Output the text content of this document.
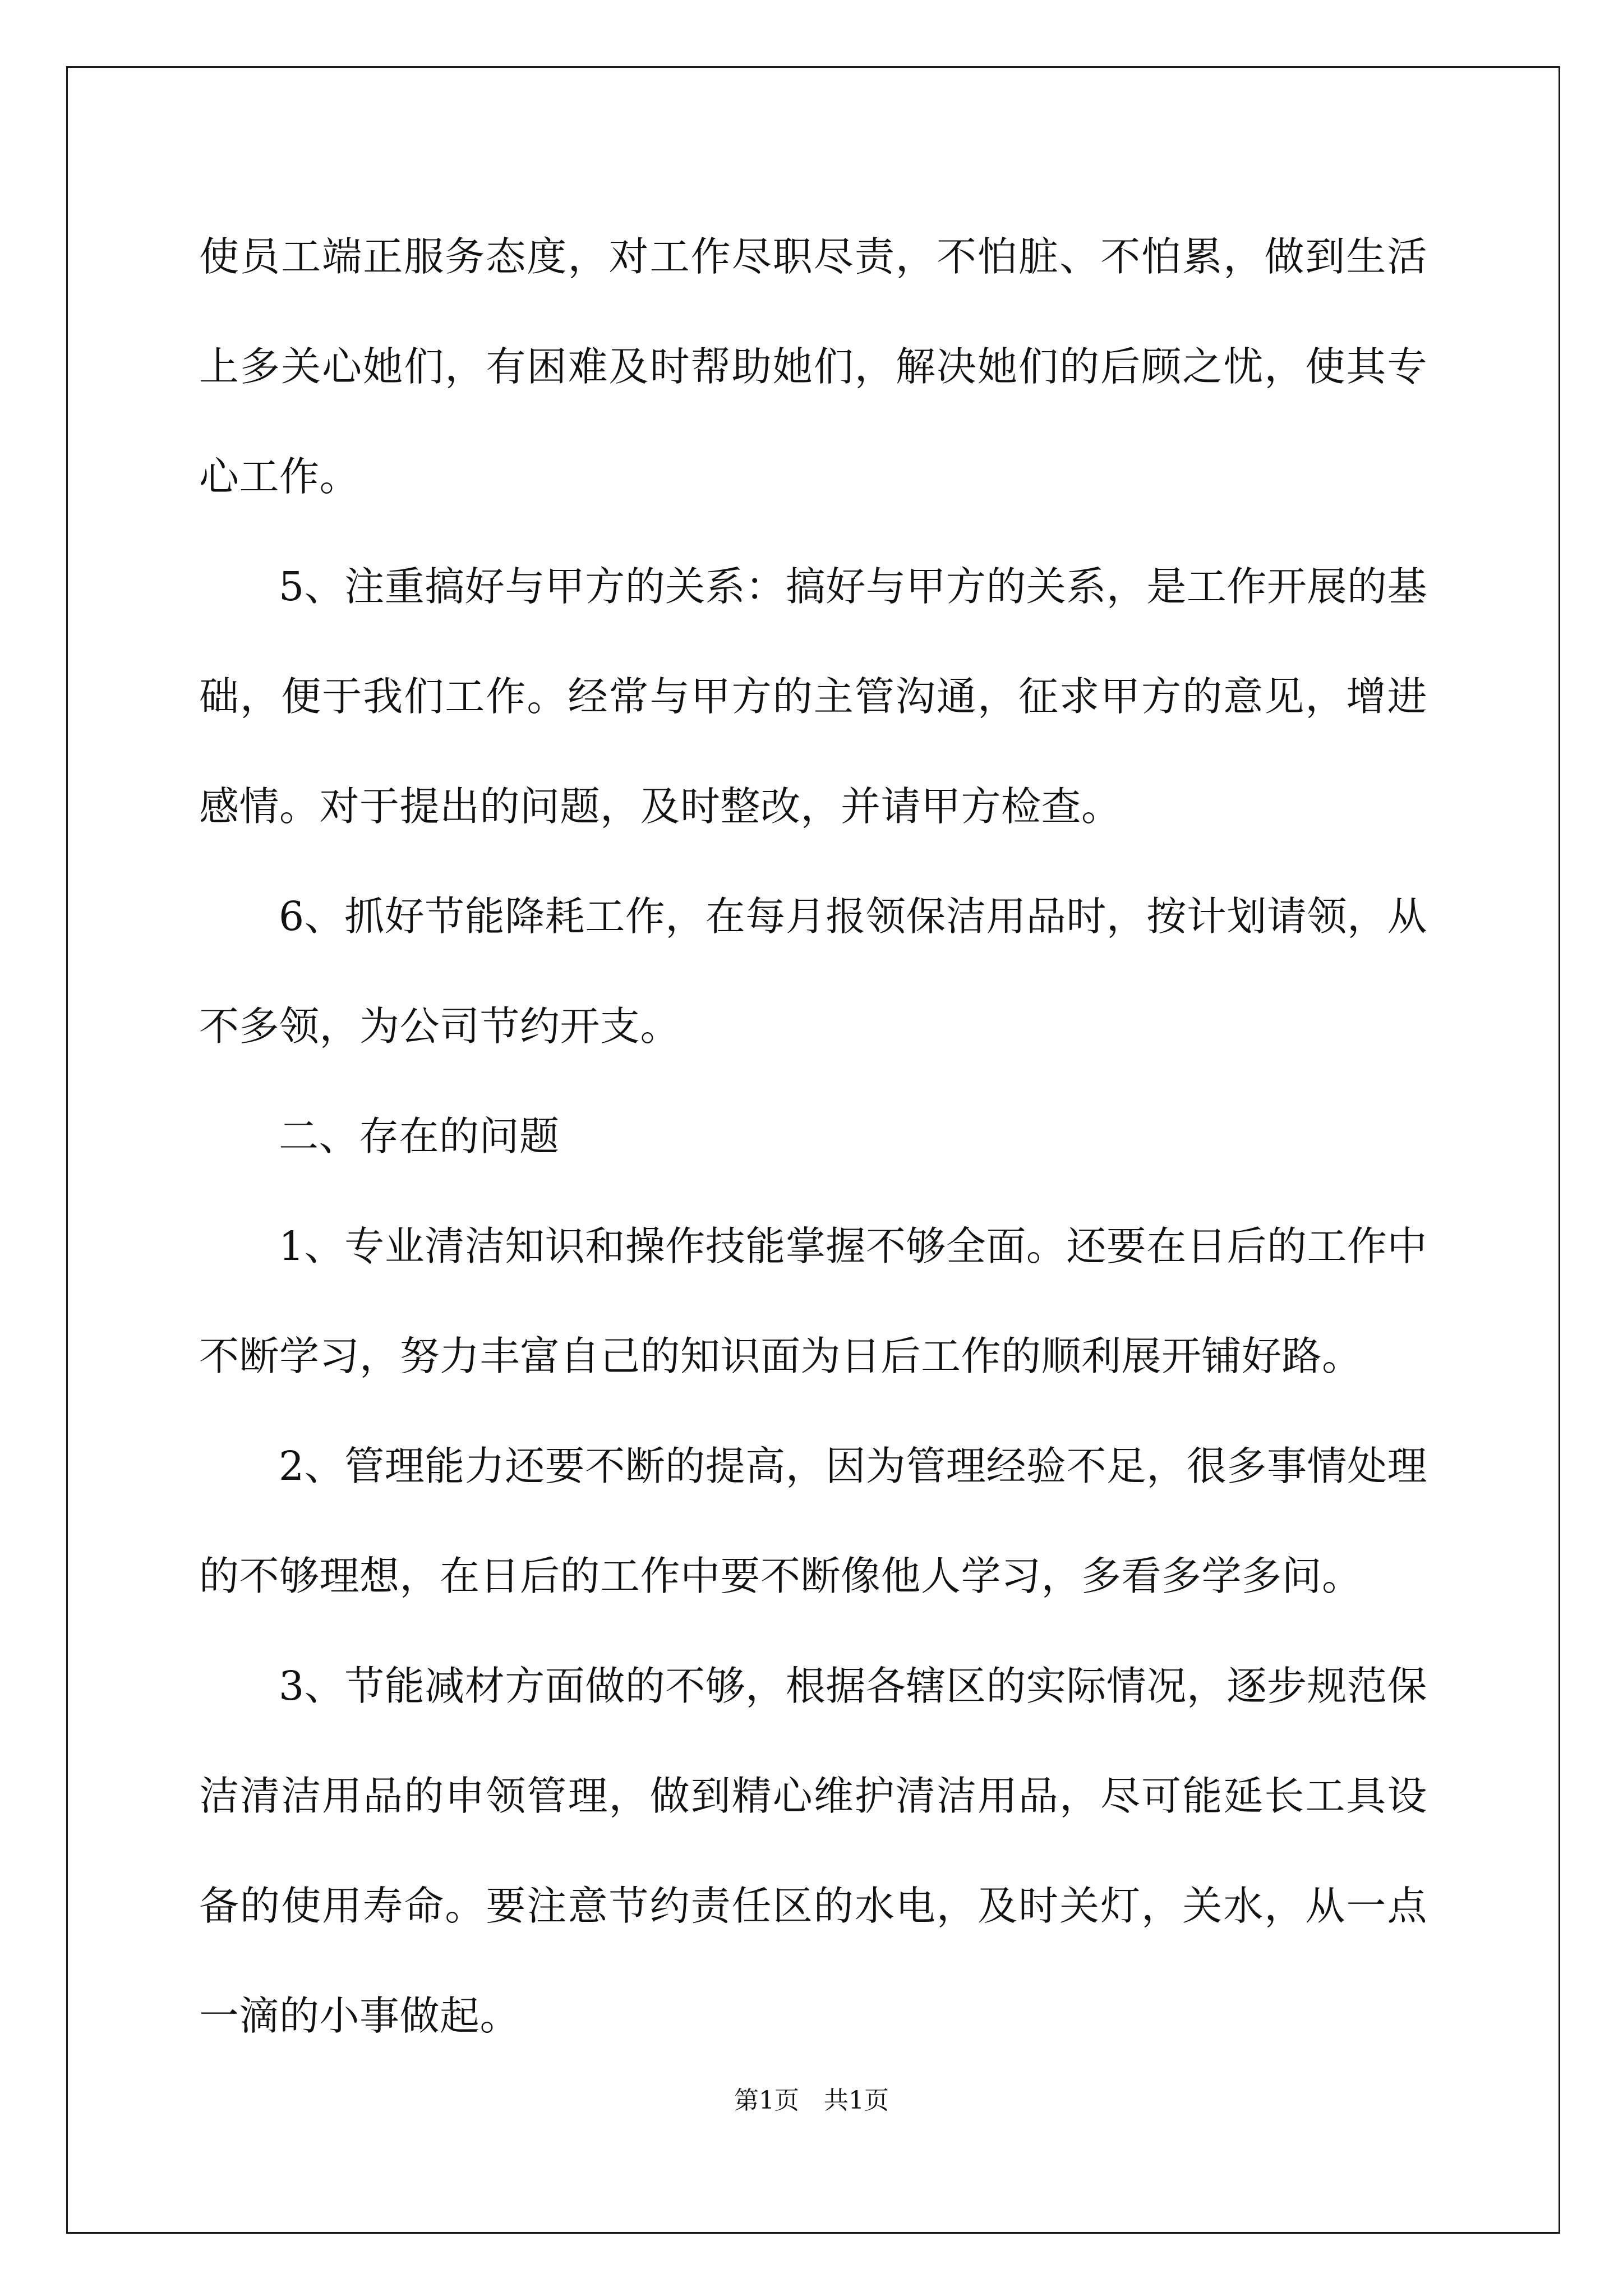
使员工端正服务态度，对工作尽职尽责，不怕脏、不怕累，做到生活上多关心她们，有困难及时帮助她们，解决她们的后顾之忧，使其专心工作。

5、注重搞好与甲方的关系：搞好与甲方的关系，是工作开展的基础，便于我们工作。经常与甲方的主管沟通，征求甲方的意见，增进感情。对于提出的问题，及时整改，并请甲方检查。

6、抓好节能降耗工作，在每月报领保洁用品时，按计划请领，从不多领，为公司节约开支。

二、存在的问题

1、专业清洁知识和操作技能掌握不够全面。还要在日后的工作中不断学习，努力丰富自己的知识面为日后工作的顺利展开铺好路。

2、管理能力还要不断的提高，因为管理经验不足，很多事情处理的不够理想，在日后的工作中要不断像他人学习，多看多学多问。

3、节能减材方面做的不够，根据各辖区的实际情况，逐步规范保洁清洁用品的申领管理，做到精心维护清洁用品，尽可能延长工具设备的使用寿命。要注意节约责任区的水电，及时关灯，关水，从一点一滴的小事做起。

第1页　共1页
